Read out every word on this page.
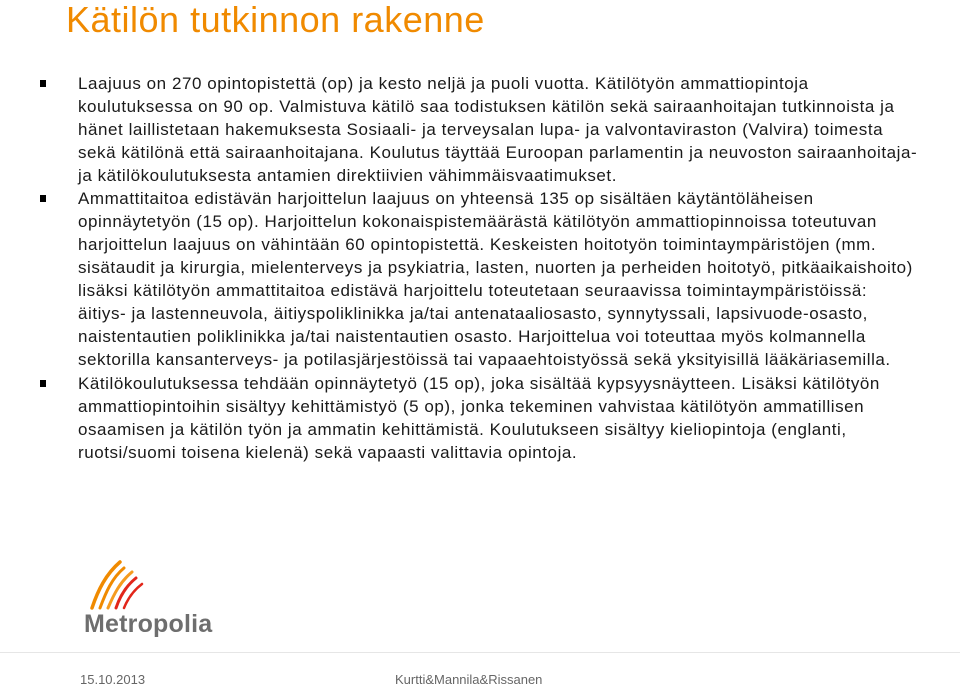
Kätilön tutkinnon rakenne
Laajuus on 270 opintopistettä (op) ja kesto neljä ja puoli vuotta. Kätilötyön ammattiopintoja koulutuksessa on 90 op. Valmistuva kätilö saa todistuksen kätilön sekä sairaanhoitajan tutkinnoista ja hänet laillistetaan hakemuksesta Sosiaali- ja terveysalan lupa- ja valvontaviraston (Valvira) toimesta sekä kätilönä että sairaanhoitajana. Koulutus täyttää Euroopan parlamentin ja neuvoston sairaanhoitaja- ja kätilökoulutuksesta antamien direktiivien vähimmäisvaatimukset.
Ammattitaitoa edistävän harjoittelun laajuus on yhteensä 135 op sisältäen käytäntöläheisen opinnäytetyön (15 op). Harjoittelun kokonaispistemäärästä kätilötyön ammattiopinnoissa toteutuvan harjoittelun laajuus on vähintään 60 opintopistettä. Keskeisten hoitotyön toimintaympäristöjen (mm. sisätaudit ja kirurgia, mielenterveys ja psykiatria, lasten, nuorten ja perheiden hoitotyö, pitkäaikaishoito) lisäksi kätilötyön ammattitaitoa edistävä harjoittelu toteutetaan seuraavissa toimintaympäristöissä: äitiys- ja lastenneuvola, äitiyspoliklinikka ja/tai antenataaliosasto, synnytyssali, lapsivuode-osasto, naistentautien poliklinikka ja/tai naistentautien osasto. Harjoittelua voi toteuttaa myös kolmannella sektorilla kansanterveys- ja potilasjärjestöissä tai vapaaehtoistyössä sekä yksityisillä lääkäriasemilla.
Kätilökoulutuksessa tehdään opinnäytetyö (15 op), joka sisältää kypsyysnäytteen. Lisäksi kätilötyön ammattiopintoihin sisältyy kehittämistyö (5 op), jonka tekeminen vahvistaa kätilötyön ammatillisen osaamisen ja kätilön työn ja ammatin kehittämistä. Koulutukseen sisältyy kieliopintoja (englanti, ruotsi/suomi toisena kielenä) sekä vapaasti valittavia opintoja.
Metropolia
15.10.2013	Kurtti&Mannila&Rissanen
